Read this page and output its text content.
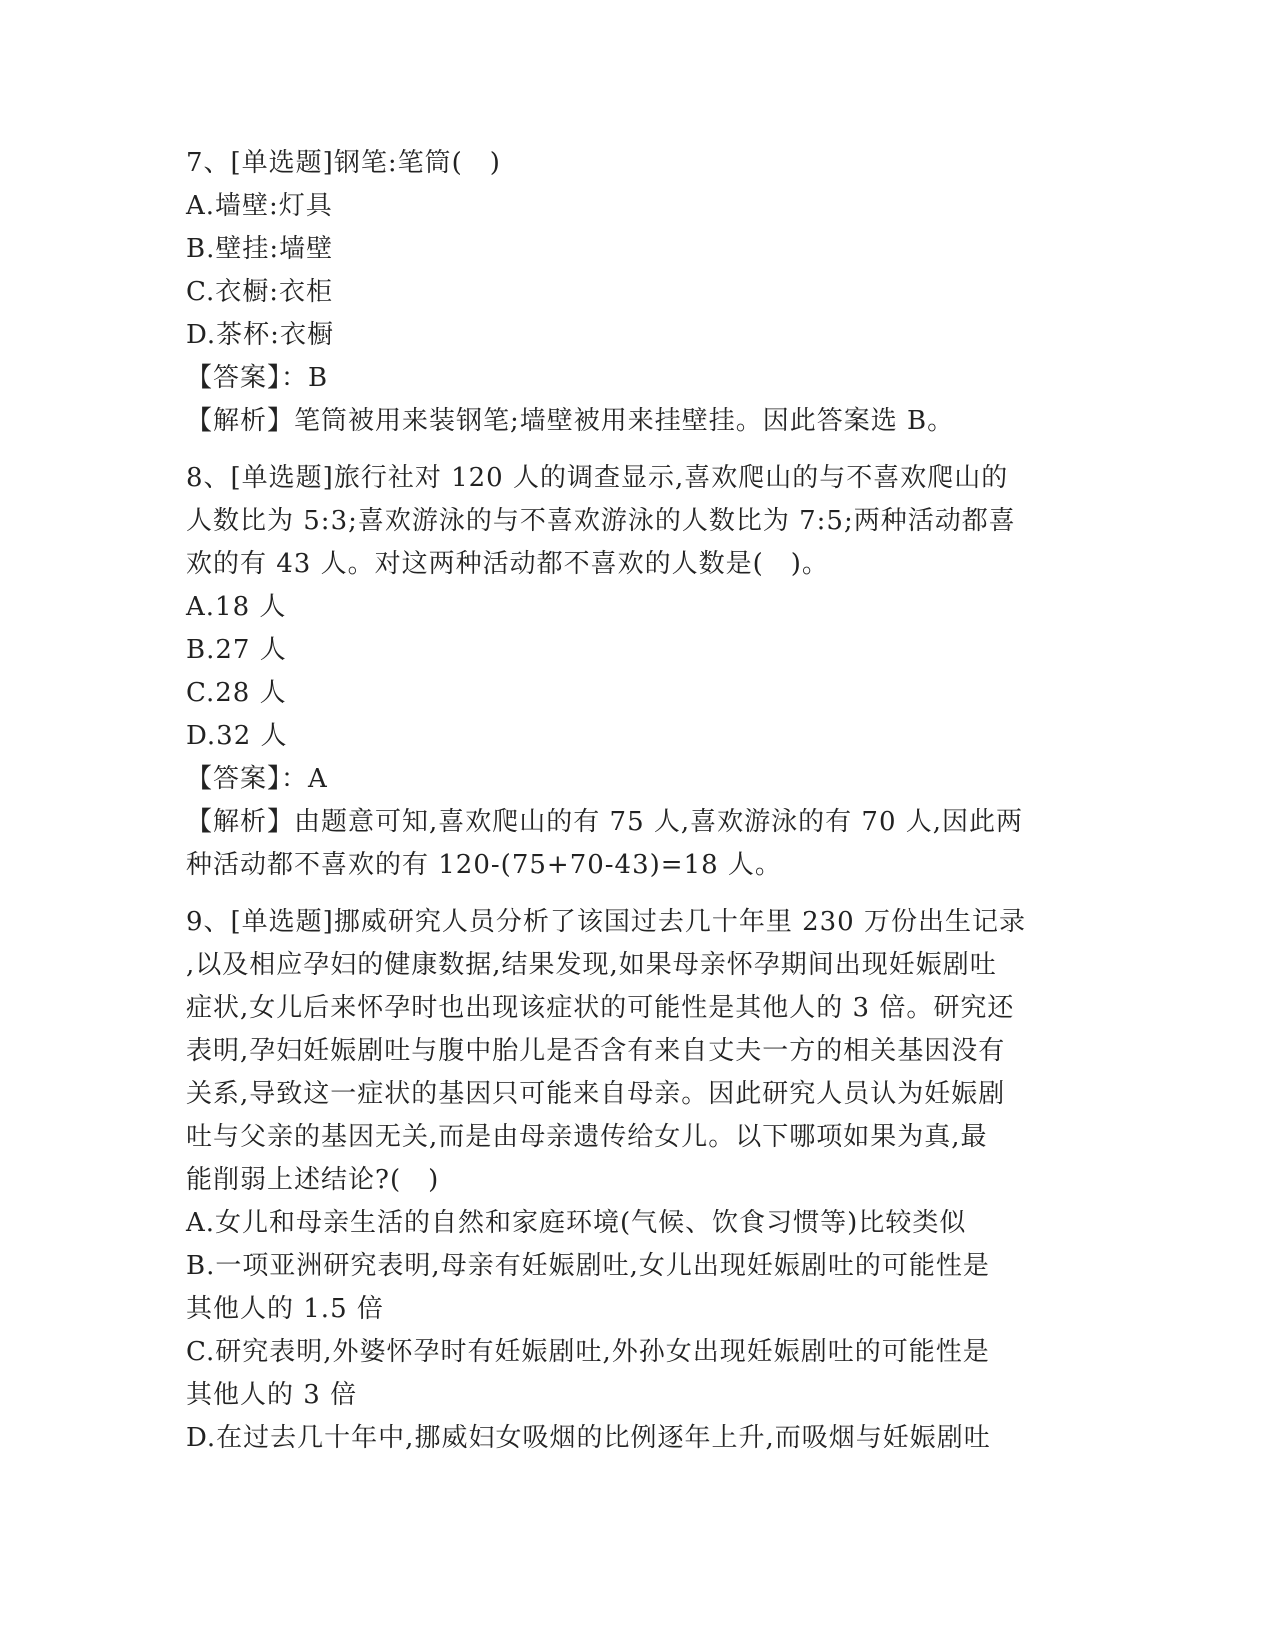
7、[单选题]钢笔:笔筒(　)
A.墙壁:灯具
B.壁挂:墙壁
C.衣橱:衣柜
D.茶杯:衣橱
【答案】：B
【解析】笔筒被用来装钢笔;墙壁被用来挂壁挂。因此答案选 B。
8、[单选题]旅行社对 120 人的调查显示,喜欢爬山的与不喜欢爬山的
人数比为 5:3;喜欢游泳的与不喜欢游泳的人数比为 7:5;两种活动都喜
欢的有 43 人。对这两种活动都不喜欢的人数是(　)。
A.18 人
B.27 人
C.28 人
D.32 人
【答案】：A
【解析】由题意可知,喜欢爬山的有 75 人,喜欢游泳的有 70 人,因此两
种活动都不喜欢的有 120-(75+70-43)=18 人。
9、[单选题]挪威研究人员分析了该国过去几十年里 230 万份出生记录
,以及相应孕妇的健康数据,结果发现,如果母亲怀孕期间出现妊娠剧吐
症状,女儿后来怀孕时也出现该症状的可能性是其他人的 3 倍。研究还
表明,孕妇妊娠剧吐与腹中胎儿是否含有来自丈夫一方的相关基因没有
关系,导致这一症状的基因只可能来自母亲。因此研究人员认为妊娠剧
吐与父亲的基因无关,而是由母亲遗传给女儿。以下哪项如果为真,最
能削弱上述结论?(　)
A.女儿和母亲生活的自然和家庭环境(气候、饮食习惯等)比较类似
B.一项亚洲研究表明,母亲有妊娠剧吐,女儿出现妊娠剧吐的可能性是
其他人的 1.5 倍
C.研究表明,外婆怀孕时有妊娠剧吐,外孙女出现妊娠剧吐的可能性是
其他人的 3 倍
D.在过去几十年中,挪威妇女吸烟的比例逐年上升,而吸烟与妊娠剧吐
